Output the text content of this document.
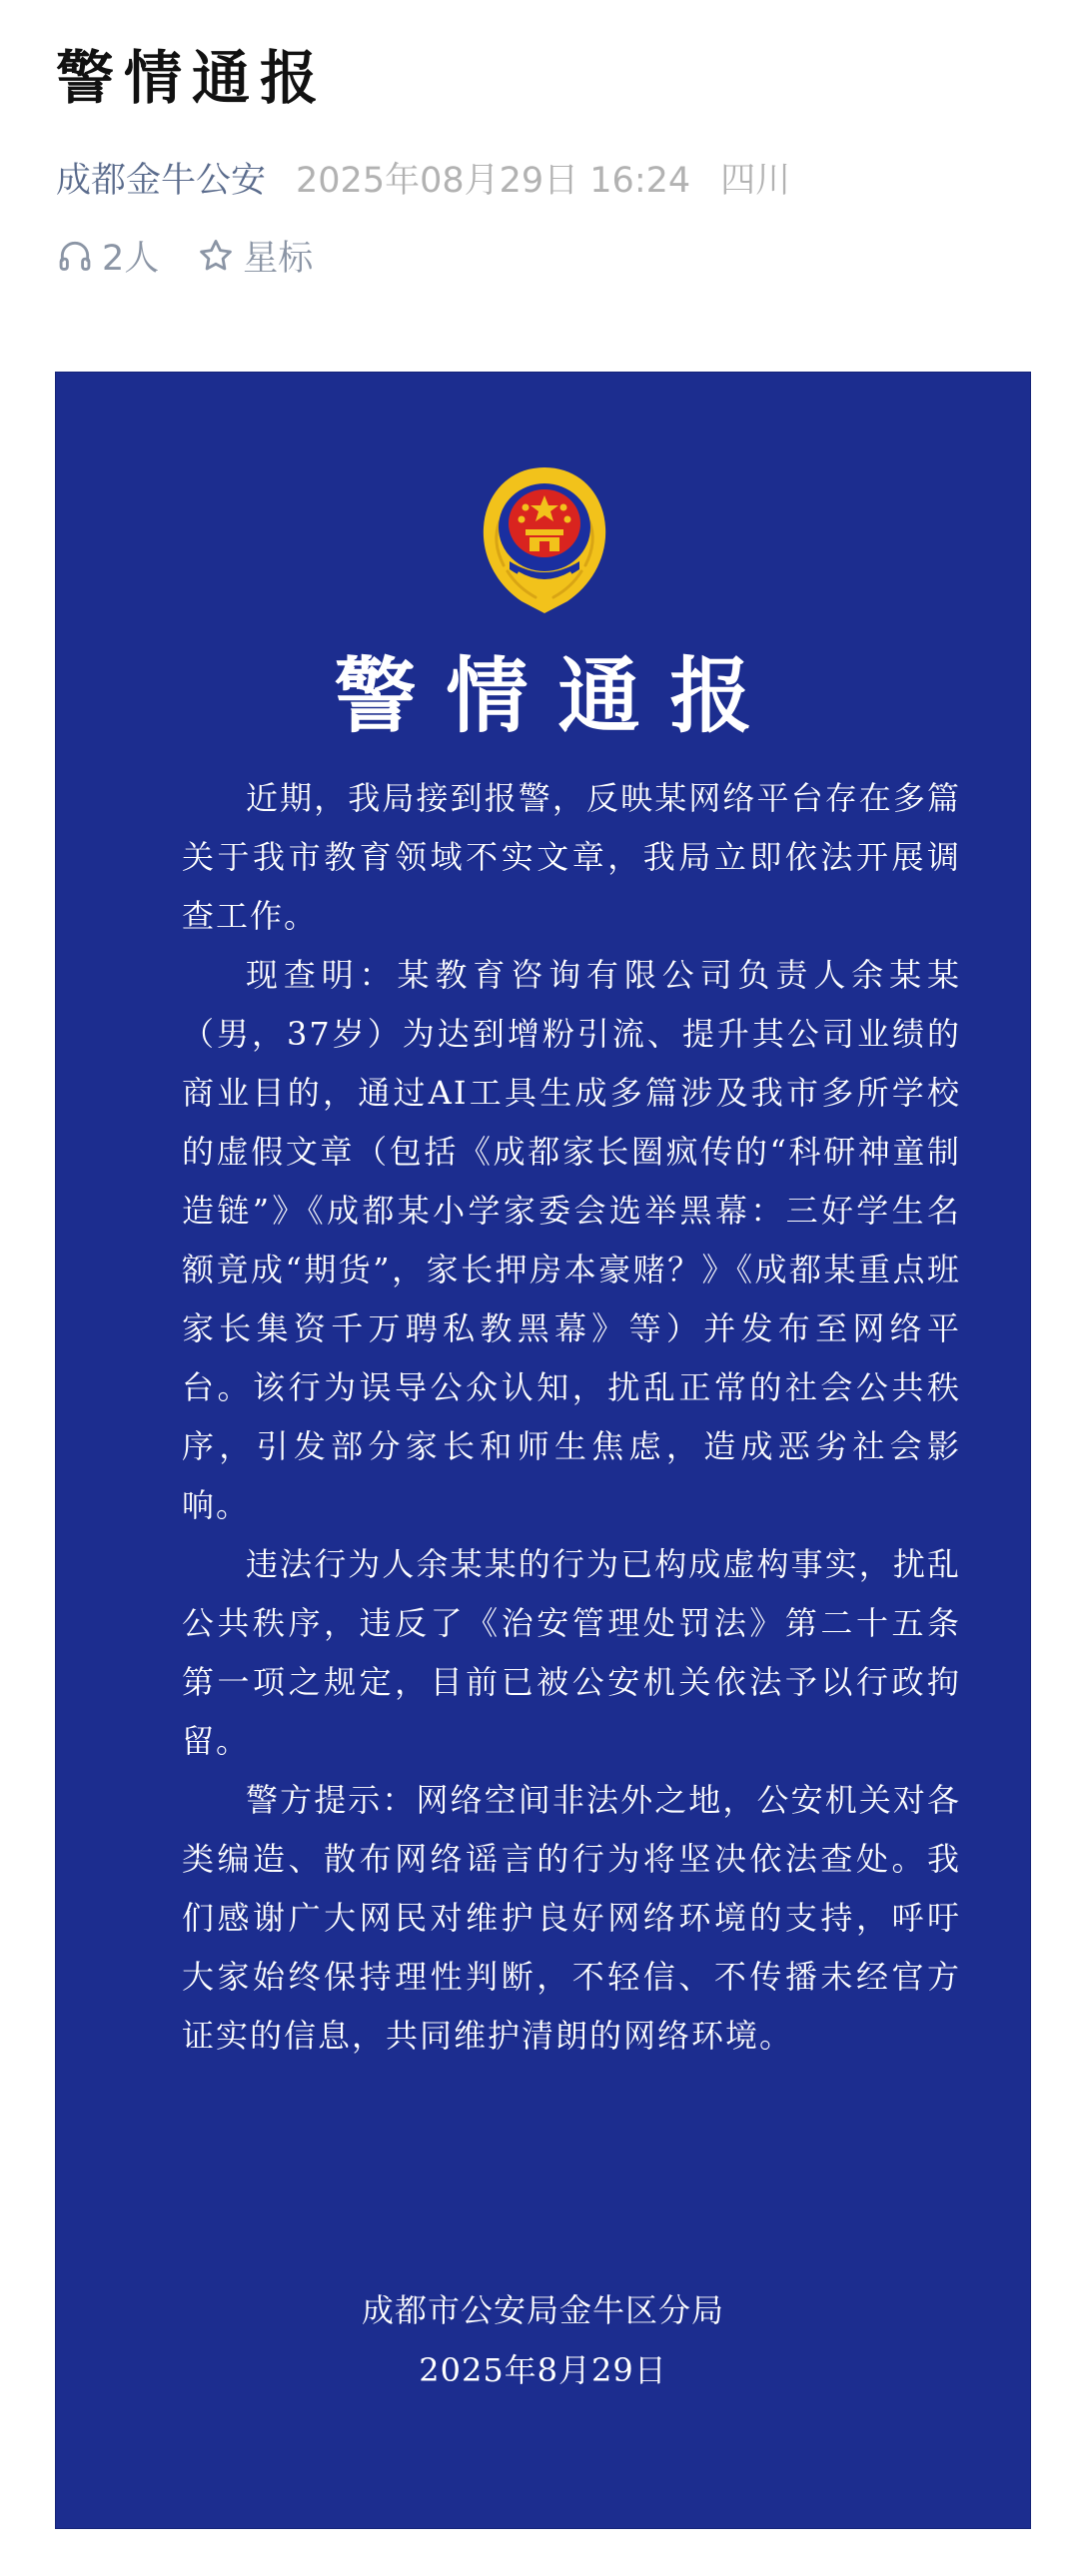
警情通报
成都金牛公安 2025年08月29日 16:24 四川
2人 星标
警情通报

近期，我局接到报警，反映某网络平台存在多篇关于我市教育领域不实文章，我局立即依法开展调查工作。

现查明：某教育咨询有限公司负责人余某某（男，37岁）为达到增粉引流、提升其公司业绩的商业目的，通过AI工具生成多篇涉及我市多所学校的虚假文章（包括《成都家长圈疯传的“科研神童制造链”》《成都某小学家委会选举黑幕：三好学生名额竟成“期货”，家长押房本豪赌？》《成都某重点班家长集资千万聘私教黑幕》等）并发布至网络平台。该行为误导公众认知，扰乱正常的社会公共秩序，引发部分家长和师生焦虑，造成恶劣社会影响。

违法行为人余某某的行为已构成虚构事实，扰乱公共秩序，违反了《治安管理处罚法》第二十五条第一项之规定，目前已被公安机关依法予以行政拘留。

警方提示：网络空间非法外之地，公安机关对各类编造、散布网络谣言的行为将坚决依法查处。我们感谢广大网民对维护良好网络环境的支持，呼吁大家始终保持理性判断，不轻信、不传播未经官方证实的信息，共同维护清朗的网络环境。

成都市公安局金牛区分局
2025年8月29日
